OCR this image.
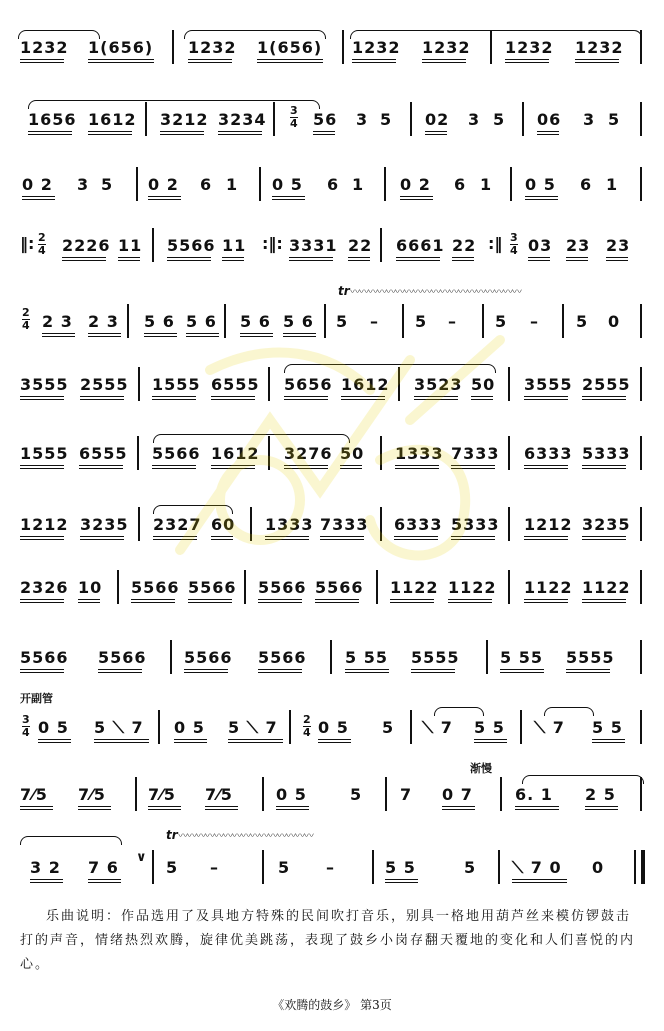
1232 1(656) 1232 1(656) 1232 1232 1232 1232
1656 1612 3212 3234	56 3 5 02 3 5 06 3 5
0 2 3 5 0 2 6 1 0 5 6 1 0 2 6 1 0 5 6 1
2226 11 5566 11	3331 22 6661 22	03 23 23
2 3 2 3 5 6 5 6 5 6 5 6 5 – 5 – 5 – 5 0
3555 2555 1555 6555 5656 1612 3523 50 3555 2555
1555 6555 5566 1612 3276 50 1333 7333 6333 5333
1212 3235 2327 60 1333 7333 6333 5333 1212 3235
2326 10 5566 5566 5566 5566 1122 1122 1122 1122
5566 5566 5566 5566 5 55 5555	5 55 5555
0 5 5 ⟍ 7 0 5 5 ⟍ 7	0 5 5 ⟍ 7 5 5 ⟍ 7 5 5
7⁄5 7⁄5	7⁄5 7⁄5	0 5	5 7 0 7	6. 1 2 5
3 2 7 6	5 –	5 –	5 5	5 ⟍ 7 0 0
‖:	:‖:	:‖
$\frac{3}{4}$
$\frac{2}{4}$	$\frac{3}{4}$
$\frac{2}{4}$
$\frac{3}{4}$	$\frac{2}{4}$
开副管
渐慢
tr
tr
〰〰〰〰〰〰〰〰〰〰〰〰〰〰〰〰〰〰〰
〰〰〰〰〰〰〰〰〰〰〰〰〰〰〰
∨
乐曲说明：作品选用了及具地方特殊的民间吹打音乐，别具一格地用葫芦丝来模仿锣鼓击打的声音，情绪热烈欢腾，旋律优美跳荡，表现了鼓乡小岗存翻天覆地的变化和人们喜悦的内心。
《欢腾的鼓乡》 第3页
